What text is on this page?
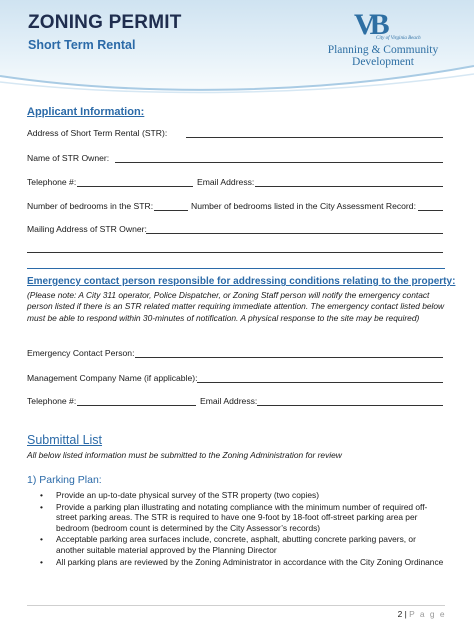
ZONING PERMIT
Short Term Rental
VB
City of Virginia Beach
Planning & Community
Development
Applicant Information:
Address of Short Term Rental (STR):
Name of STR Owner:
Telephone #:	Email Address:
Number of bedrooms in the STR:	Number of bedrooms listed in the City Assessment Record:
Mailing Address of STR Owner:
Emergency contact person responsible for addressing conditions relating to the property:
(Please note: A City 311 operator, Police Dispatcher, or Zoning Staff person will notify the emergency contact person listed if there is an STR related matter requiring immediate attention. The emergency contact listed below must be able to respond within 30-minutes of notification. A physical response to the site may be required)
Emergency Contact Person:
Management Company Name (if applicable):
Telephone #:	Email Address:
Submittal List
All below listed information must be submitted to the Zoning Administration for review
1) Parking Plan:
• Provide an up-to-date physical survey of the STR property (two copies)
• Provide a parking plan illustrating and notating compliance with the minimum number of required off-street parking areas. The STR is required to have one 9-foot by 18-foot off-street parking area per bedroom (bedroom count is determined by the City Assessor’s records)
• Acceptable parking area surfaces include, concrete, asphalt, abutting concrete parking pavers, or another suitable material approved by the Planning Director
• All parking plans are reviewed by the Zoning Administrator in accordance with the City Zoning Ordinance
2 | P a g e
